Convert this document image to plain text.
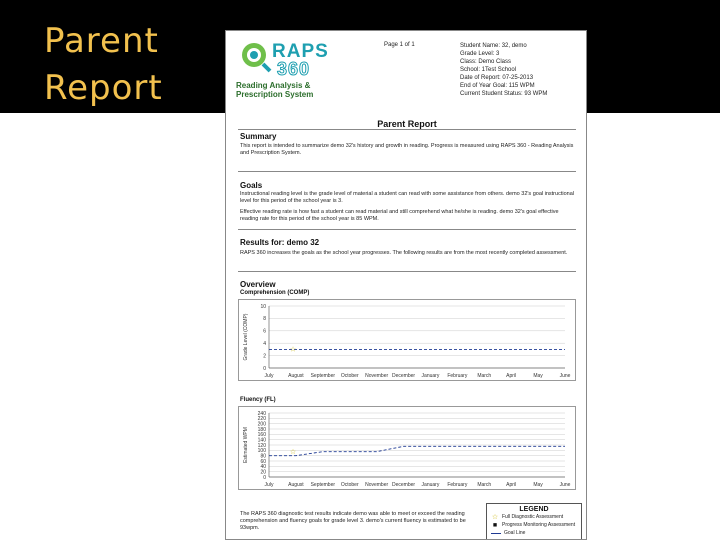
Parent
Report
RAPS
360
Reading Analysis &
Prescription System
Page 1 of 1	Student Name: 32, demo
Grade Level: 3
Class: Demo Class
School: 1Test School
Date of Report: 07-25-2013
End of Year Goal: 115 WPM
Current Student Status: 93 WPM
Parent Report
Summary
This report is intended to summarize demo 32's history and growth in reading. Progress is measured using RAPS 360 - Reading Analysis and Prescription System.
Goals
Instructional reading level is the grade level of material a student can read with some assistance from others. demo 32's goal instructional level for this period of the school year is 3.
Effective reading rate is how fast a student can read material and still comprehend what he/she is reading. demo 32's goal effective reading rate for this period of the school year is 85 WPM.
Results for: demo 32
RAPS 360 increases the goals as the school year progresses. The following results are from the most recently completed assessment.
Overview
Comprehension (COMP)
Grade Level (COMP)
0
2
4
6
8
10
July	August September October November December January February March	April	May	June
☆
Fluency (FL)
Estimated WPM
0
20
40
60
80
100
120
140
160
180
200
220
240
July	August September October November December January February March	April	May	June
☆
The RAPS 360 diagnostic test results indicate demo was able to meet or exceed the reading comprehension and fluency goals for grade level 3. demo's current fluency is estimated to be 93wpm.
LEGEND
☆ Full Diagnostic Assessment
■ Progress Monitoring Assessment
Goal Line
